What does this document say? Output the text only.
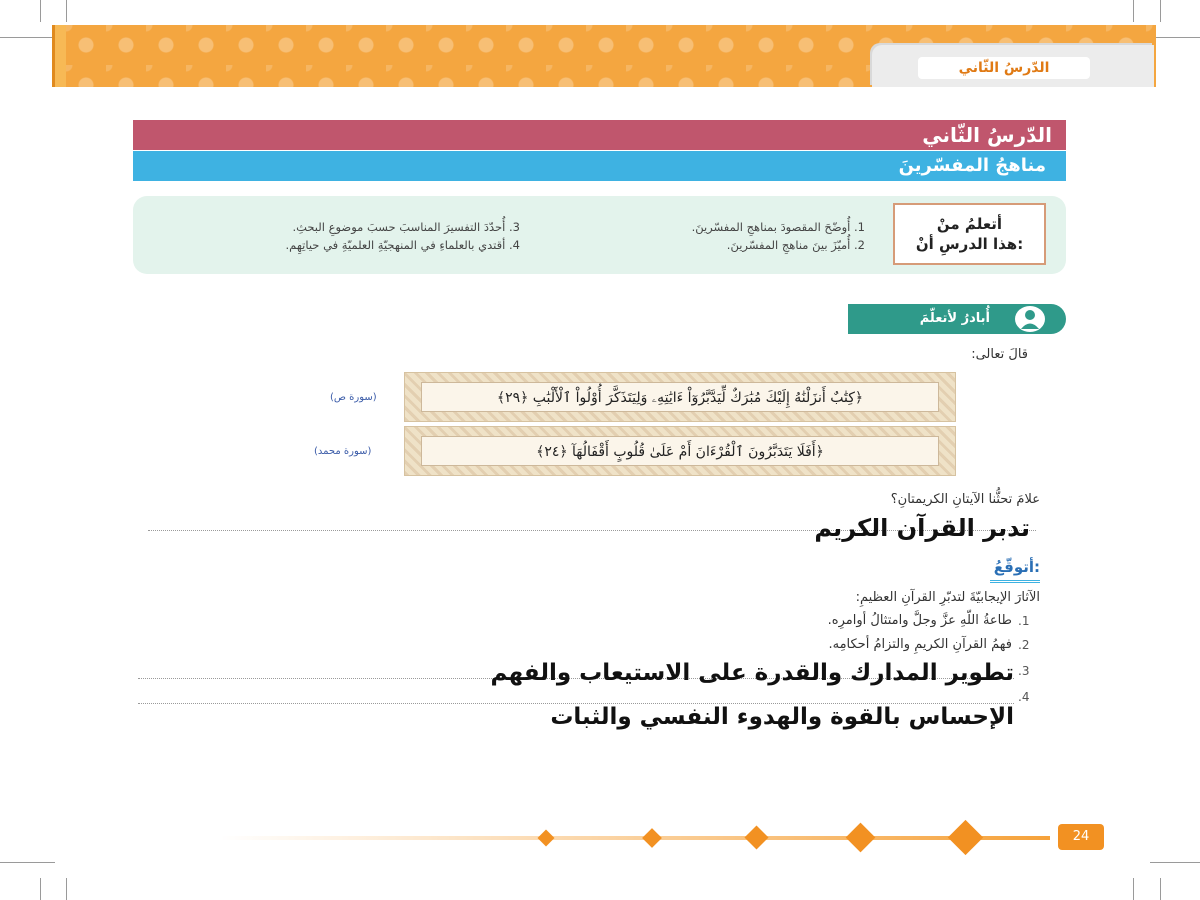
الدّرسُ الثّاني
الدّرسُ الثّاني
مناهجُ المفسّرينَ
أتعلمُ منْ
هذا الدرسِ أنْ:
1. أُوضّحَ المقصودَ بمناهجِ المفسّرينَ.
2. أُميّزَ بينَ مناهجِ المفسّرينَ.
3. أُحدّدَ التفسيرَ المناسبَ حسبَ موضوعِ البحثِ.
4. أقتدي بالعلماءِ في المنهجيّةِ العلميّةِ في حياتِهِم.
أُبادرُ لأتعلّمَ
قالَ تعالى:
﴿كِتَٰبٌ أَنزَلْنَٰهُ إِلَيْكَ مُبَٰرَكٌ لِّيَدَّبَّرُوٓاْ ءَايَٰتِهِۦ وَلِيَتَذَكَّرَ أُوْلُواْ ٱلْأَلْبَٰبِ ﴿٢٩﴾
(سورة ص)
﴿أَفَلَا يَتَدَبَّرُونَ ٱلْقُرْءَانَ أَمْ عَلَىٰ قُلُوبٍ أَقْفَالُهَآ ﴿٢٤﴾
(سورة محمد)
علامَ تحثُّنا الآيتانِ الكريمتانِ؟
تدبر القرآن الكريم
أتوقّعُ:
الآثارَ الإيجابيّةَ لتدبّرِ القرآنِ العظيمِ:
.1
طاعةُ اللّهِ عزَّ وجلَّ وامتثالُ أوامرِه.
.2
فهمُ القرآنِ الكريمِ والتزامُ أحكامِه.
.3
تطوير المدارك والقدرة على الاستيعاب والفهم
.4
الإحساس بالقوة والهدوء النفسي والثبات
24
